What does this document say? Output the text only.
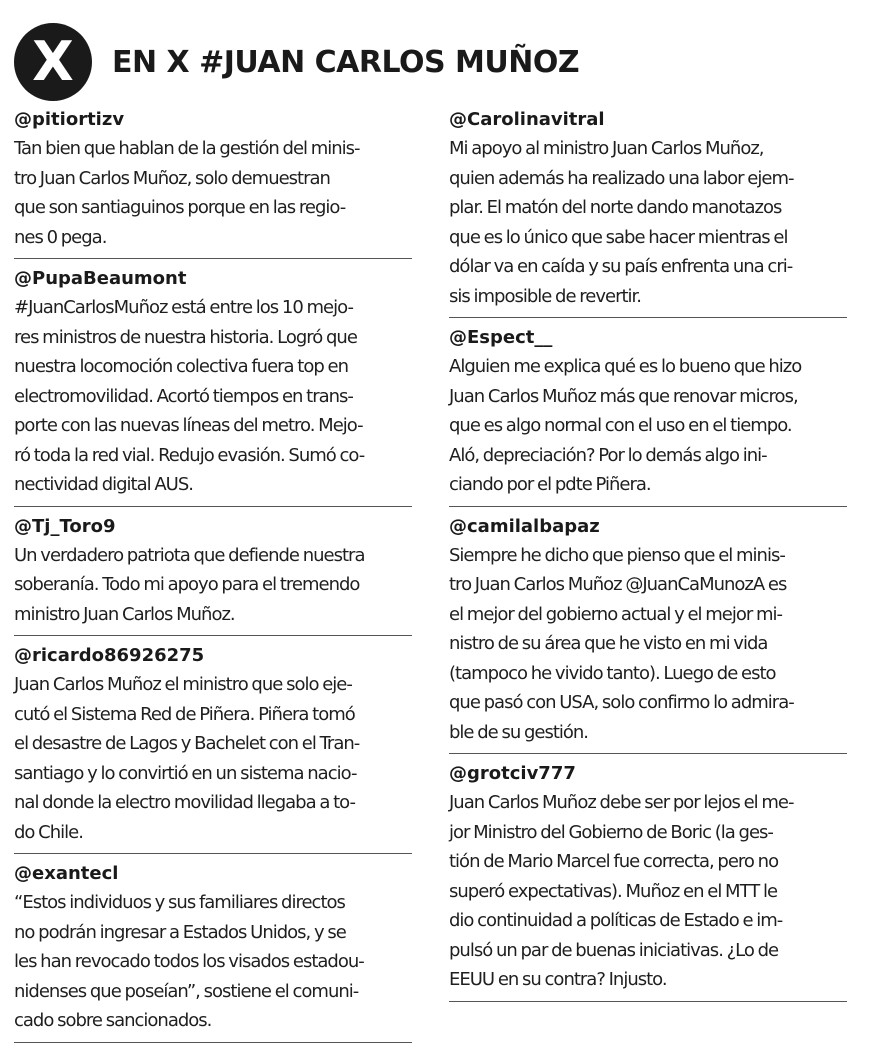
X	EN X #JUAN CARLOS MUÑOZ
@pitiortizv
Tan bien que hablan de la gestión del minis-
tro Juan Carlos Muñoz, solo demuestran
que son santiaguinos porque en las regio-
nes 0 pega.
@PupaBeaumont
#JuanCarlosMuñoz está entre los 10 mejo-
res ministros de nuestra historia. Logró que
nuestra locomoción colectiva fuera top en
electromovilidad. Acortó tiempos en trans-
porte con las nuevas líneas del metro. Mejo-
ró toda la red vial. Redujo evasión. Sumó co-
nectividad digital AUS.
@Tj_Toro9
Un verdadero patriota que defiende nuestra
soberanía. Todo mi apoyo para el tremendo
ministro Juan Carlos Muñoz.
@ricardo86926275
Juan Carlos Muñoz el ministro que solo eje-
cutó el Sistema Red de Piñera. Piñera tomó
el desastre de Lagos y Bachelet con el Tran-
santiago y lo convirtió en un sistema nacio-
nal donde la electro movilidad llegaba a to-
do Chile.
@exantecl
“Estos individuos y sus familiares directos
no podrán ingresar a Estados Unidos, y se
les han revocado todos los visados estadou-
nidenses que poseían”, sostiene el comuni-
cado sobre sancionados.
@Carolinavitral
Mi apoyo al ministro Juan Carlos Muñoz,
quien además ha realizado una labor ejem-
plar. El matón del norte dando manotazos
que es lo único que sabe hacer mientras el
dólar va en caída y su país enfrenta una cri-
sis imposible de revertir.
@Espect__
Alguien me explica qué es lo bueno que hizo
Juan Carlos Muñoz más que renovar micros,
que es algo normal con el uso en el tiempo.
Aló, depreciación? Por lo demás algo ini-
ciando por el pdte Piñera.
@camilalbapaz
Siempre he dicho que pienso que el minis-
tro Juan Carlos Muñoz @JuanCaMunozA es
el mejor del gobierno actual y el mejor mi-
nistro de su área que he visto en mi vida
(tampoco he vivido tanto). Luego de esto
que pasó con USA, solo confirmo lo admira-
ble de su gestión.
@grotciv777
Juan Carlos Muñoz debe ser por lejos el me-
jor Ministro del Gobierno de Boric (la ges-
tión de Mario Marcel fue correcta, pero no
superó expectativas). Muñoz en el MTT le
dio continuidad a políticas de Estado e im-
pulsó un par de buenas iniciativas. ¿Lo de
EEUU en su contra? Injusto.
